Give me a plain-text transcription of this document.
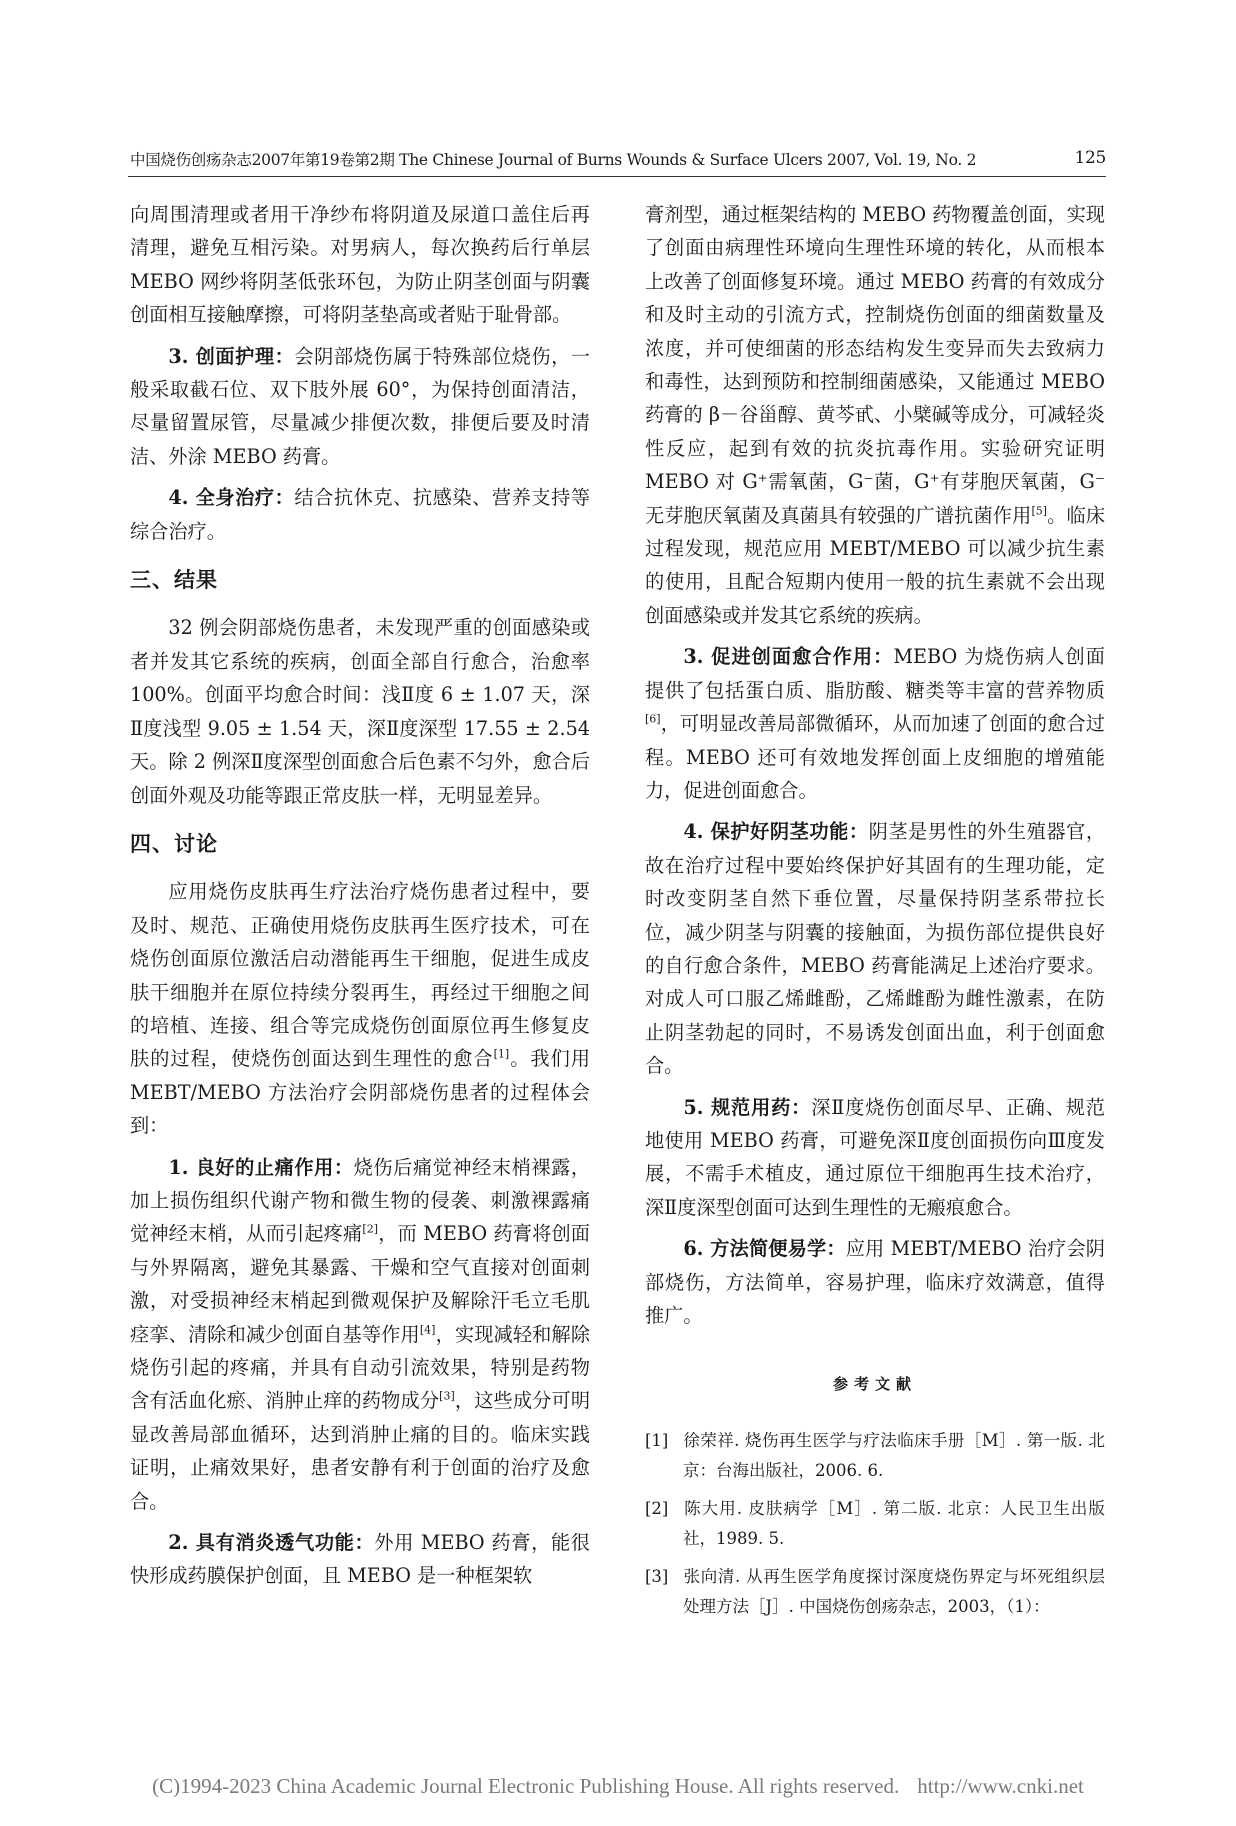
中国烧伤创疡杂志2007年第19卷第2期 The Chinese Journal of Burns Wounds & Surface Ulcers 2007, Vol. 19, No. 2	125

向周围清理或者用干净纱布将阴道及尿道口盖住后再清理，避免互相污染。对男病人，每次换药后行单层 MEBO 网纱将阴茎低张环包，为防止阴茎创面与阴囊创面相互接触摩擦，可将阴茎垫高或者贴于耻骨部。

3. 创面护理：会阴部烧伤属于特殊部位烧伤，一般采取截石位、双下肢外展 60°，为保持创面清洁，尽量留置尿管，尽量减少排便次数，排便后要及时清洁、外涂 MEBO 药膏。

4. 全身治疗：结合抗休克、抗感染、营养支持等综合治疗。

三、结果

32 例会阴部烧伤患者，未发现严重的创面感染或者并发其它系统的疾病，创面全部自行愈合，治愈率 100%。创面平均愈合时间：浅Ⅱ度 6 ± 1.07 天，深Ⅱ度浅型 9.05 ± 1.54 天，深Ⅱ度深型 17.55 ± 2.54 天。除 2 例深Ⅱ度深型创面愈合后色素不匀外，愈合后创面外观及功能等跟正常皮肤一样，无明显差异。

四、讨论

应用烧伤皮肤再生疗法治疗烧伤患者过程中，要及时、规范、正确使用烧伤皮肤再生医疗技术，可在烧伤创面原位激活启动潜能再生干细胞，促进生成皮肤干细胞并在原位持续分裂再生，再经过干细胞之间的培植、连接、组合等完成烧伤创面原位再生修复皮肤的过程，使烧伤创面达到生理性的愈合[1]。我们用 MEBT/MEBO 方法治疗会阴部烧伤患者的过程体会到：

1. 良好的止痛作用：烧伤后痛觉神经末梢裸露，加上损伤组织代谢产物和微生物的侵袭、刺激裸露痛觉神经末梢，从而引起疼痛[2]，而 MEBO 药膏将创面与外界隔离，避免其暴露、干燥和空气直接对创面刺激，对受损神经末梢起到微观保护及解除汗毛立毛肌痉挛、清除和减少创面自基等作用[4]，实现减轻和解除烧伤引起的疼痛，并具有自动引流效果，特别是药物含有活血化瘀、消肿止痒的药物成分[3]，这些成分可明显改善局部血循环，达到消肿止痛的目的。临床实践证明，止痛效果好，患者安静有利于创面的治疗及愈合。

2. 具有消炎透气功能：外用 MEBO 药膏，能很快形成药膜保护创面，且 MEBO 是一种框架软

膏剂型，通过框架结构的 MEBO 药物覆盖创面，实现了创面由病理性环境向生理性环境的转化，从而根本上改善了创面修复环境。通过 MEBO 药膏的有效成分和及时主动的引流方式，控制烧伤创面的细菌数量及浓度，并可使细菌的形态结构发生变异而失去致病力和毒性，达到预防和控制细菌感染，又能通过 MEBO 药膏的 β－谷甾醇、黄芩甙、小檗碱等成分，可减轻炎性反应，起到有效的抗炎抗毒作用。实验研究证明 MEBO 对 G⁺需氧菌，G⁻菌，G⁺有芽胞厌氧菌，G⁻无芽胞厌氧菌及真菌具有较强的广谱抗菌作用[5]。临床过程发现，规范应用 MEBT/MEBO 可以减少抗生素的使用，且配合短期内使用一般的抗生素就不会出现创面感染或并发其它系统的疾病。

3. 促进创面愈合作用：MEBO 为烧伤病人创面提供了包括蛋白质、脂肪酸、糖类等丰富的营养物质[6]，可明显改善局部微循环，从而加速了创面的愈合过程。MEBO 还可有效地发挥创面上皮细胞的增殖能力，促进创面愈合。

4. 保护好阴茎功能：阴茎是男性的外生殖器官，故在治疗过程中要始终保护好其固有的生理功能，定时改变阴茎自然下垂位置，尽量保持阴茎系带拉长位，减少阴茎与阴囊的接触面，为损伤部位提供良好的自行愈合条件，MEBO 药膏能满足上述治疗要求。对成人可口服乙烯雌酚，乙烯雌酚为雌性激素，在防止阴茎勃起的同时，不易诱发创面出血，利于创面愈合。

5. 规范用药：深Ⅱ度烧伤创面尽早、正确、规范地使用 MEBO 药膏，可避免深Ⅱ度创面损伤向Ⅲ度发展，不需手术植皮，通过原位干细胞再生技术治疗，深Ⅱ度深型创面可达到生理性的无瘢痕愈合。

6. 方法简便易学：应用 MEBT/MEBO 治疗会阴部烧伤，方法简单，容易护理，临床疗效满意，值得推广。

参考文献
[1] 徐荣祥. 烧伤再生医学与疗法临床手册［M］. 第一版. 北京：台海出版社，2006. 6.
[2] 陈大用. 皮肤病学［M］. 第二版. 北京：人民卫生出版社，1989. 5.
[3] 张向清. 从再生医学角度探讨深度烧伤界定与坏死组织层处理方法［J］. 中国烧伤创疡杂志，2003，（1）：
(C)1994-2023 China Academic Journal Electronic Publishing House. All rights reserved. http://www.cnki.net
